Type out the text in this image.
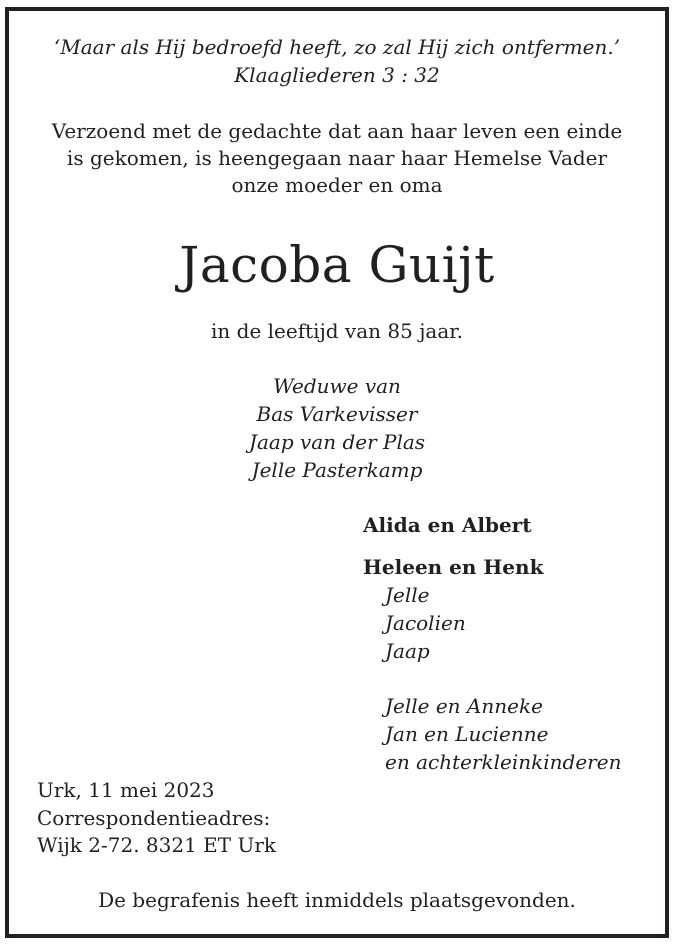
‘Maar als Hij bedroefd heeft, zo zal Hij zich ontfermen.’
Klaagliederen 3 : 32
Verzoend met de gedachte dat aan haar leven een einde
is gekomen, is heengegaan naar haar Hemelse Vader
onze moeder en oma
Jacoba Guijt
in de leeftijd van 85 jaar.
Weduwe van
Bas Varkevisser
Jaap van der Plas
Jelle Pasterkamp
Alida en Albert
Heleen en Henk
Jelle
Jacolien
Jaap
Jelle en Anneke
Jan en Lucienne
en achterkleinkinderen
Urk, 11 mei 2023
Correspondentieadres:
Wijk 2-72. 8321 ET Urk
De begrafenis heeft inmiddels plaatsgevonden.
